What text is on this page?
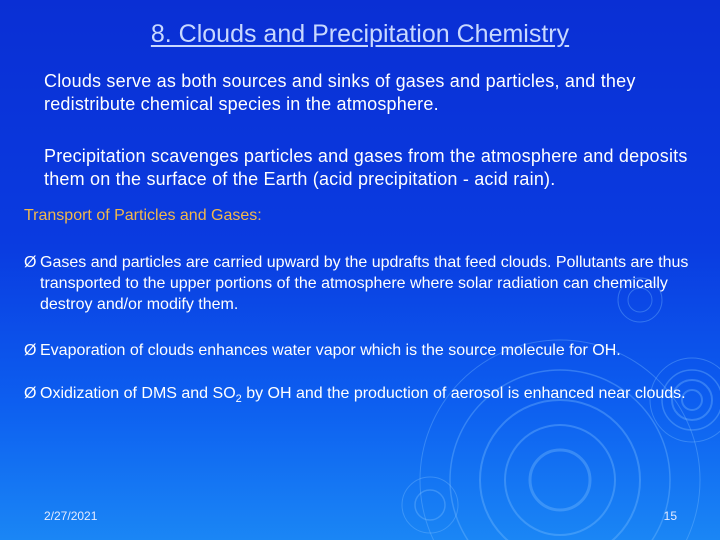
8. Clouds and Precipitation Chemistry
Clouds serve as both sources and sinks of gases and particles, and they redistribute chemical species in the atmosphere.
Precipitation scavenges particles and gases from the atmosphere and deposits them on the surface of the Earth (acid precipitation - acid rain).
Transport of Particles and Gases:
Ø Gases and particles are carried upward by the updrafts that feed clouds. Pollutants are thus transported to the upper portions of the atmosphere where solar radiation can chemically destroy and/or modify them.
Ø Evaporation of clouds enhances water vapor which is the source molecule for OH.
Ø Oxidization of DMS and $SO_2$ by OH and the production of aerosol is enhanced near clouds.
2/27/2021	15
